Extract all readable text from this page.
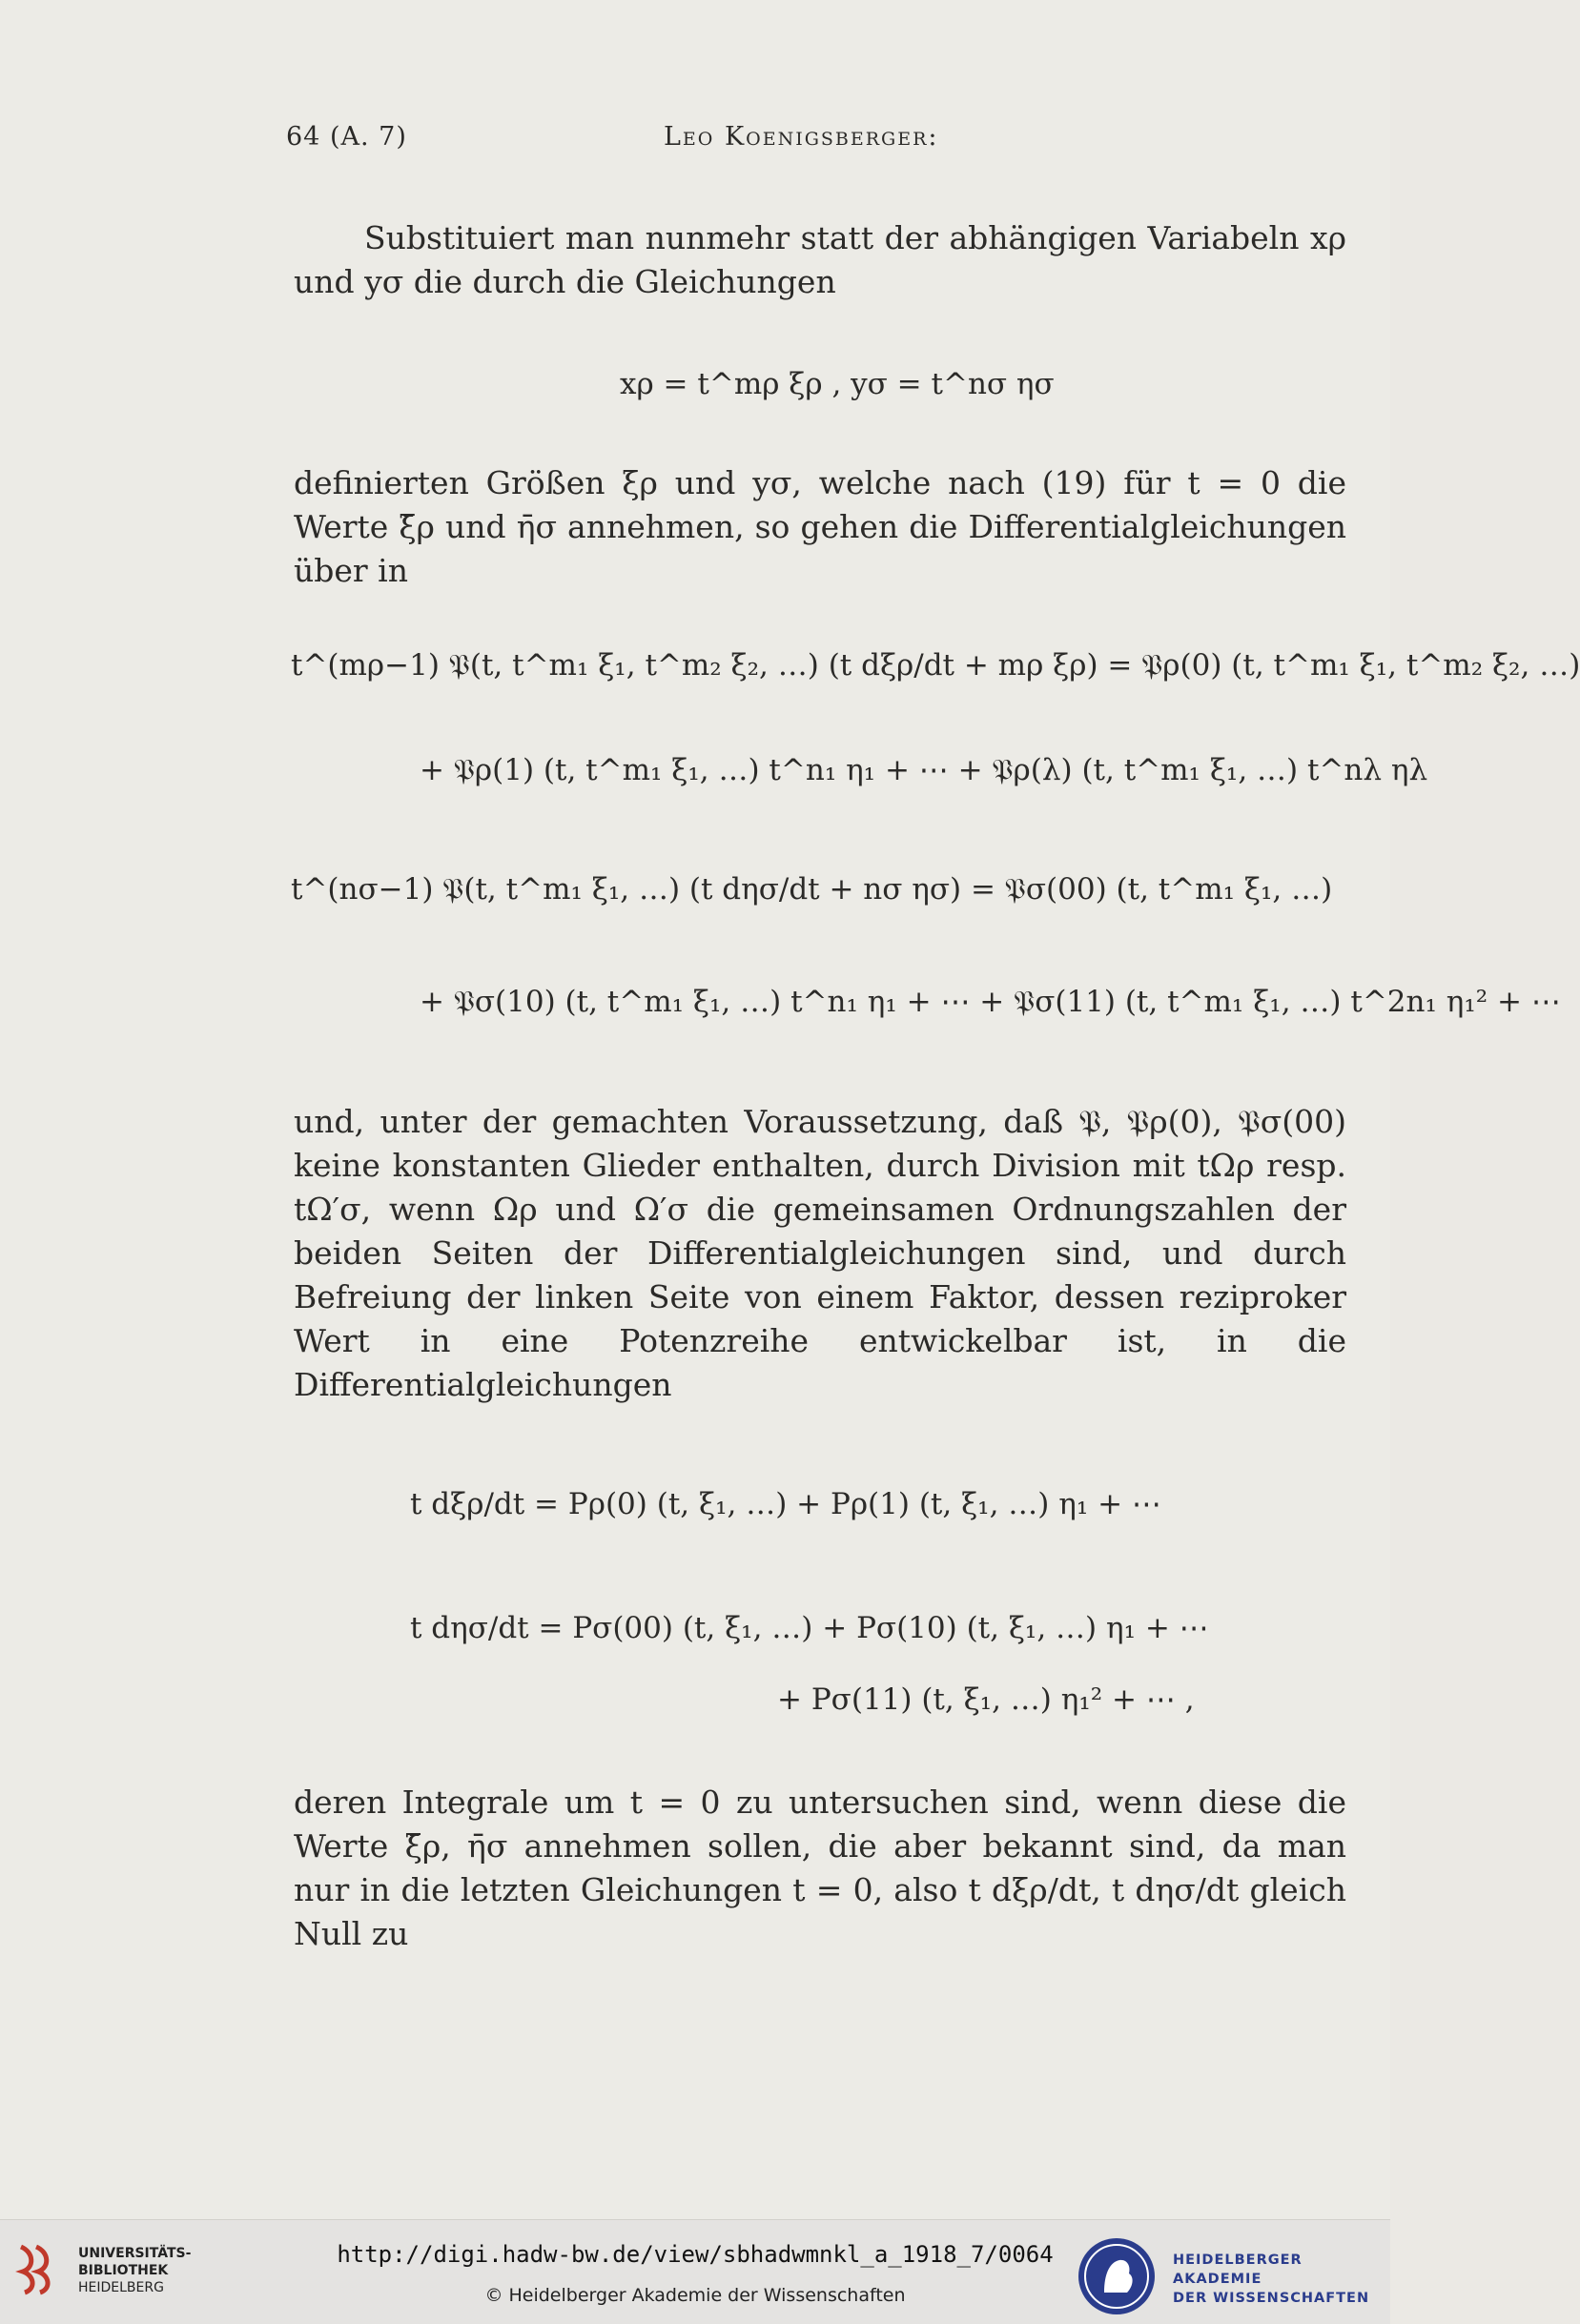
64 (A. 7)	Leo Koenigsberger:
Substituiert man nunmehr statt der abhängigen Variabeln xρ und yσ die durch die Gleichungen
xρ = t^mρ ξρ , yσ = t^nσ ησ
definierten Größen ξρ und yσ, welche nach (19) für t = 0 die Werte ξ̄ρ und η̄σ annehmen, so gehen die Differentialgleichungen über in
t^(mρ−1) 𝔓(t, t^m₁ ξ₁, t^m₂ ξ₂, …) (t dξρ/dt + mρ ξρ) = 𝔓ρ(0) (t, t^m₁ ξ₁, t^m₂ ξ₂, …)
+ 𝔓ρ(1) (t, t^m₁ ξ₁, …) t^n₁ η₁ + ⋯ + 𝔓ρ(λ) (t, t^m₁ ξ₁, …) t^nλ ηλ
t^(nσ−1) 𝔓(t, t^m₁ ξ₁, …) (t dησ/dt + nσ ησ) = 𝔓σ(00) (t, t^m₁ ξ₁, …)
+ 𝔓σ(10) (t, t^m₁ ξ₁, …) t^n₁ η₁ + ⋯ + 𝔓σ(11) (t, t^m₁ ξ₁, …) t^2n₁ η₁² + ⋯
und, unter der gemachten Voraussetzung, daß 𝔓, 𝔓ρ(0), 𝔓σ(00) keine konstanten Glieder enthalten, durch Division mit tΩρ resp. tΩ′σ, wenn Ωρ und Ω′σ die gemeinsamen Ordnungszahlen der beiden Seiten der Differentialgleichungen sind, und durch Befreiung der linken Seite von einem Faktor, dessen reziproker Wert in eine Potenzreihe entwickelbar ist, in die Differentialgleichungen
t dξρ/dt = Pρ(0) (t, ξ₁, …) + Pρ(1) (t, ξ₁, …) η₁ + ⋯
t dησ/dt = Pσ(00) (t, ξ₁, …) + Pσ(10) (t, ξ₁, …) η₁ + ⋯
+ Pσ(11) (t, ξ₁, …) η₁² + ⋯ ,
deren Integrale um t = 0 zu untersuchen sind, wenn diese die Werte ξ̄ρ, η̄σ annehmen sollen, die aber bekannt sind, da man nur in die letzten Gleichungen t = 0, also t dξρ/dt, t dησ/dt gleich Null zu
UNIVERSITÄTS-
BIBLIOTHEK
HEIDELBERG
http://digi.hadw-bw.de/view/sbhadwmnkl_a_1918_7/0064
© Heidelberger Akademie der Wissenschaften
HEIDELBERGER AKADEMIE
DER WISSENSCHAFTEN
